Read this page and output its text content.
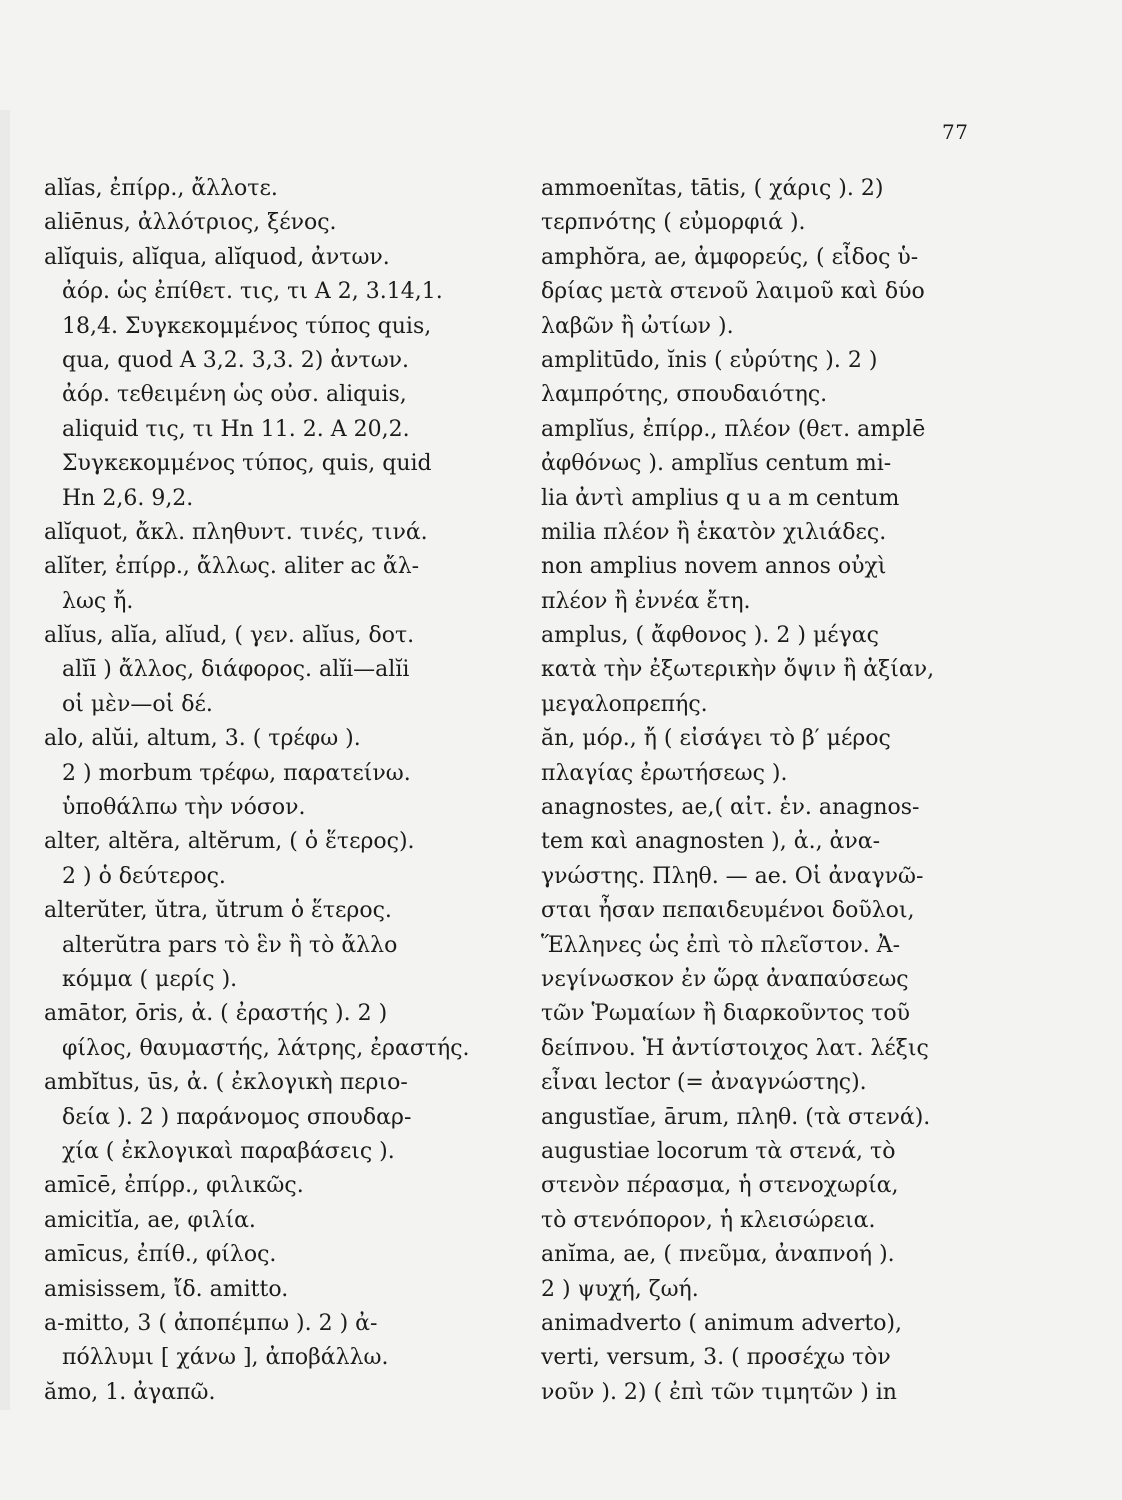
77
alĭas, ἐπίρρ., ἄλλοτε.
aliēnus, ἀλλότριος, ξένος.
alĭquis, alĭqua, alĭquod, ἀντων.
ἀόρ. ὡς ἐπίθετ. τις, τι A 2, 3.14,1.
18,4. Συγκεκομμένος τύπος quis,
qua, quod A 3,2. 3,3. 2) ἀντων.
ἀόρ. τεθειμένη ὡς οὐσ. aliquis,
aliquid τις, τι Hn 11. 2. A 20,2.
Συγκεκομμένος τύπος, quis, quid
Hn 2,6. 9,2.
alĭquot, ἄκλ. πληθυντ. τινές, τινά.
alĭter, ἐπίρρ., ἄλλως. aliter ac ἄλ-
λως ἤ.
alĭus, alĭa, alĭud, ( γεν. alĭus, δοτ.
alĭī ) ἄλλος, διάφορος. alĭi—alĭi
οἱ μὲν—οἱ δέ.
alo, alŭi, altum, 3. ( τρέφω ).
2 ) morbum τρέφω, παρατείνω.
ὑποθάλπω τὴν νόσον.
alter, altĕra, altĕrum, ( ὁ ἕτερος).
2 ) ὁ δεύτερος.
alterŭter, ŭtra, ŭtrum ὁ ἕτερος.
alterŭtra pars τὸ ἓν ἢ τὸ ἄλλο
κόμμα ( μερίς ).
amātor, ōris, ἀ. ( ἐραστής ). 2 )
φίλος, θαυμαστής, λάτρης, ἐραστής.
ambĭtus, ūs, ἀ. ( ἐκλογικὴ περιο-
δεία ). 2 ) παράνομος σπουδαρ-
χία ( ἐκλογικαὶ παραβάσεις ).
amīcē, ἐπίρρ., φιλικῶς.
amicitĭa, ae, φιλία.
amīcus, ἐπίθ., φίλος.
amisissem, ἴδ. amitto.
a-mitto, 3 ( ἀποπέμπω ). 2 ) ἀ-
πόλλυμι [ χάνω ], ἀποβάλλω.
ămo, 1. ἀγαπῶ.
ammoenĭtas, tātis, ( χάρις ). 2)
τερπνότης ( εὐμορφιά ).
amphŏra, ae, ἀμφορεύς, ( εἶδος ὑ-
δρίας μετὰ στενοῦ λαιμοῦ καὶ δύο
λαβῶν ἢ ὠτίων ).
amplitūdo, ĭnis ( εὐρύτης ). 2 )
λαμπρότης, σπουδαιότης.
amplĭus, ἐπίρρ., πλέον (θετ. amplē
ἀφθόνως ). amplĭus centum mi-
lia ἀντὶ amplius q u a m centum
milia πλέον ἢ ἑκατὸν χιλιάδες.
non amplius novem annos οὐχὶ
πλέον ἢ ἐννέα ἔτη.
amplus, ( ἄφθονος ). 2 ) μέγας
κατὰ τὴν ἐξωτερικὴν ὄψιν ἢ ἀξίαν,
μεγαλοπρεπής.
ăn, μόρ., ἤ ( εἰσάγει τὸ β′ μέρος
πλαγίας ἐρωτήσεως ).
anagnostes, ae,( αἰτ. ἑν. anagnos-
tem καὶ anagnosten ), ἀ., ἀνα-
γνώστης. Πληθ. — ae. Οἱ ἀναγνῶ-
σται ἦσαν πεπαιδευμένοι δοῦλοι,
Ἕλληνες ὡς ἐπὶ τὸ πλεῖστον. Ἀ-
νεγίνωσκον ἐν ὥρᾳ ἀναπαύσεως
τῶν Ῥωμαίων ἢ διαρκοῦντος τοῦ
δείπνου. Ἡ ἀντίστοιχος λατ. λέξις
εἶναι lector (= ἀναγνώστης).
angustĭae, ārum, πληθ. (τὰ στενά).
augustiae locorum τὰ στενά, τὸ
στενὸν πέρασμα, ἡ στενοχωρία,
τὸ στενόπορον, ἡ κλεισώρεια.
anĭma, ae, ( πνεῦμα, ἀναπνοή ).
2 ) ψυχή, ζωή.
animadverto ( animum adverto),
verti, versum, 3. ( προσέχω τὸν
νοῦν ). 2) ( ἐπὶ τῶν τιμητῶν ) in
